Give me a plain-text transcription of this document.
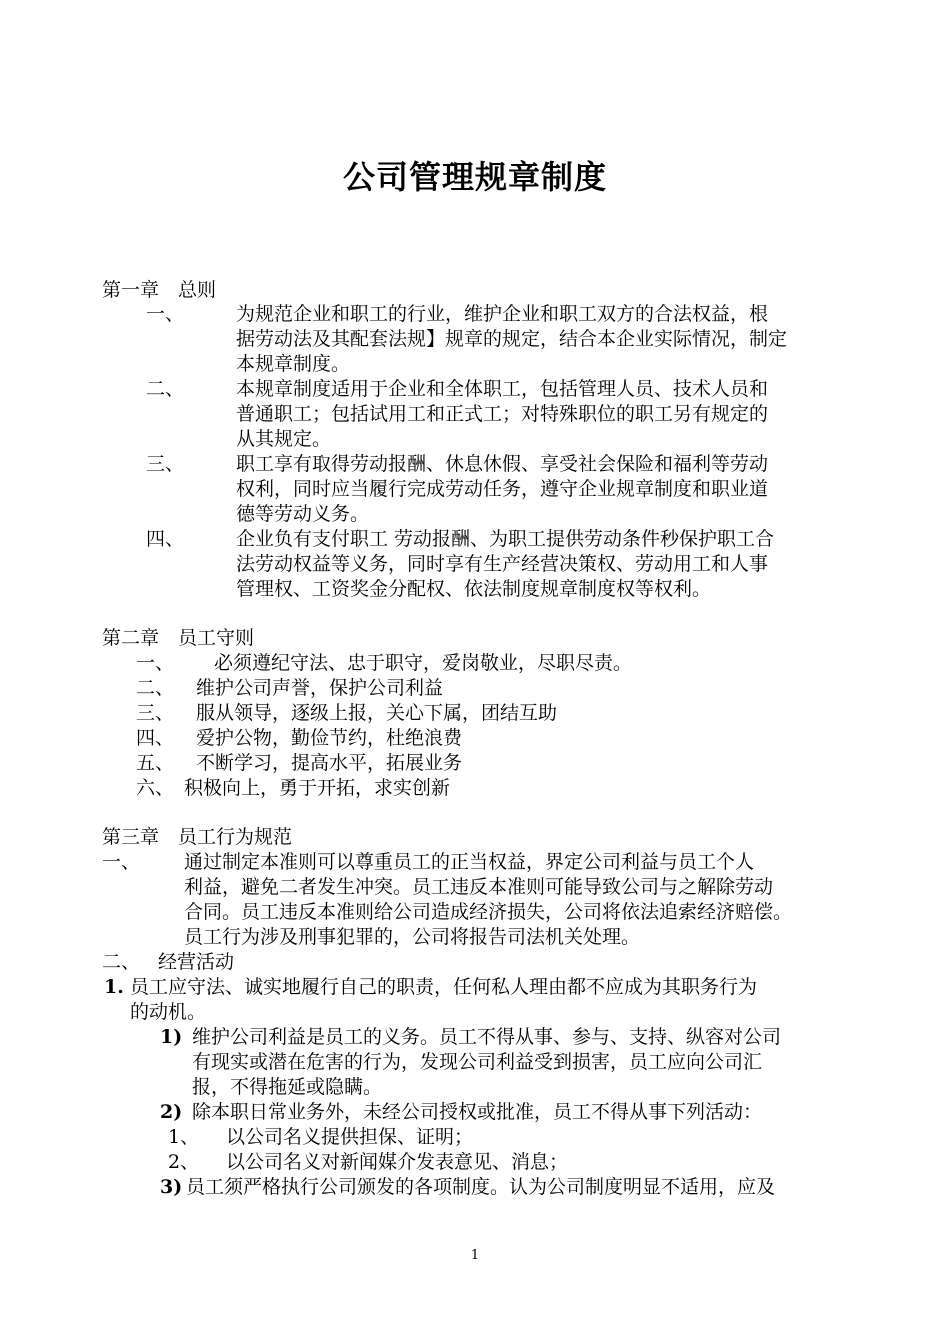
公司管理规章制度
第一章　总则
一、	为规范企业和职工的行业，维护企业和职工双方的合法权益，根
据劳动法及其配套法规】规章的规定，结合本企业实际情况，制定
本规章制度。
二、	本规章制度适用于企业和全体职工，包括管理人员、技术人员和
普通职工；包括试用工和正式工；对特殊职位的职工另有规定的
从其规定。
三、	职工享有取得劳动报酬、休息休假、享受社会保险和福利等劳动
权利，同时应当履行完成劳动任务，遵守企业规章制度和职业道
德等劳动义务。
四、	企业负有支付职工 劳动报酬、为职工提供劳动条件秒保护职工合
法劳动权益等义务，同时享有生产经营决策权、劳动用工和人事
管理权、工资奖金分配权、依法制度规章制度权等权利。
第二章　员工守则
一、 必须遵纪守法、忠于职守，爱岗敬业，尽职尽责。
二、 维护公司声誉，保护公司利益
三、 服从领导，逐级上报，关心下属，团结互助
四、 爱护公物，勤俭节约，杜绝浪费
五、 不断学习，提高水平，拓展业务
六、 积极向上，勇于开拓，求实创新
第三章　员工行为规范
一、 通过制定本准则可以尊重员工的正当权益，界定公司利益与员工个人
利益，避免二者发生冲突。员工违反本准则可能导致公司与之解除劳动
合同。员工违反本准则给公司造成经济损失，公司将依法追索经济赔偿。
员工行为涉及刑事犯罪的，公司将报告司法机关处理。
二、 经营活动
1. 员工应守法、诚实地履行自己的职责，任何私人理由都不应成为其职务行为
的动机。
1) 维护公司利益是员工的义务。员工不得从事、参与、支持、纵容对公司
有现实或潜在危害的行为，发现公司利益受到损害，员工应向公司汇
报，不得拖延或隐瞒。
2) 除本职日常业务外，未经公司授权或批准，员工不得从事下列活动：
1、 以公司名义提供担保、证明；
2、 以公司名义对新闻媒介发表意见、消息；
3) 员工须严格执行公司颁发的各项制度。认为公司制度明显不适用，应及
1
